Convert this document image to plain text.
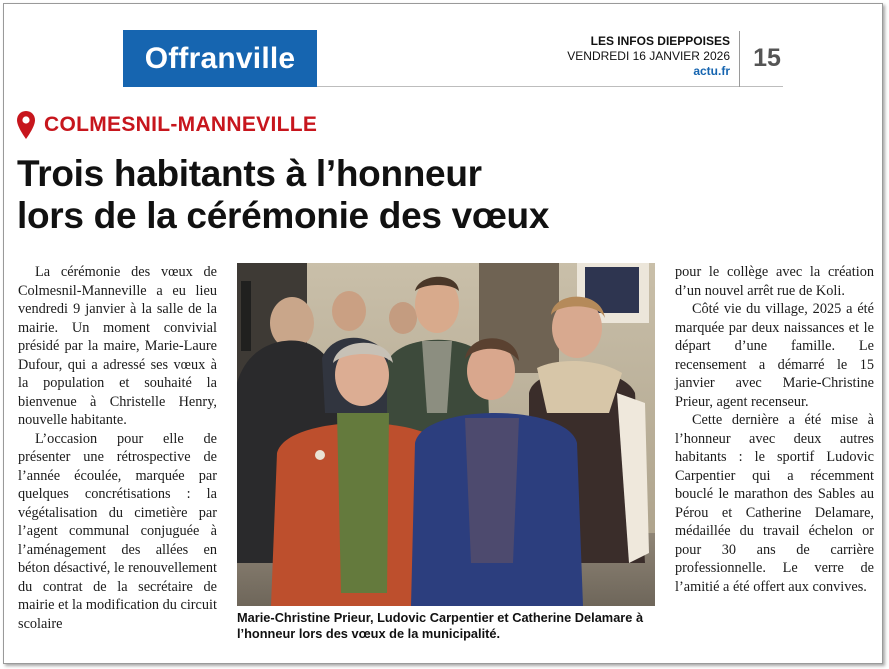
Offranville
LES INFOS DIEPPOISES
VENDREDI 16 JANVIER 2026
actu.fr 15
COLMESNIL-MANNEVILLE
Trois habitants à l’honneur
lors de la cérémonie des vœux

La cérémonie des vœux de Colmesnil-Manneville a eu lieu vendredi 9 janvier à la salle de la mairie. Un moment convivial présidé par la maire, Marie-Laure Dufour, qui a adressé ses vœux à la population et souhaité la bienvenue à Christelle Henry, nouvelle habitante.

L’occasion pour elle de présenter une rétrospective de l’année écoulée, marquée par quelques concrétisations : la végétalisation du cimetière par l’agent communal conjuguée à l’aménagement des allées en béton désactivé, le renouvellement du contrat de la secrétaire de mairie et la modification du circuit scolaire	Marie-Christine Prieur, Ludovic Carpentier et Catherine Delamare à l’honneur lors des vœux de la municipalité.

pour le collège avec la création d’un nouvel arrêt rue de Koli.

Côté vie du village, 2025 a été marquée par deux naissances et le départ d’une famille. Le recensement a démarré le 15 janvier avec Marie-Christine Prieur, agent recenseur.

Cette dernière a été mise à l’honneur avec deux autres habitants : le sportif Ludovic Carpentier qui a récemment bouclé le marathon des Sables au Pérou et Catherine Delamare, médaillée du travail échelon or pour 30 ans de carrière professionnelle. Le verre de l’amitié a été offert aux convives.
